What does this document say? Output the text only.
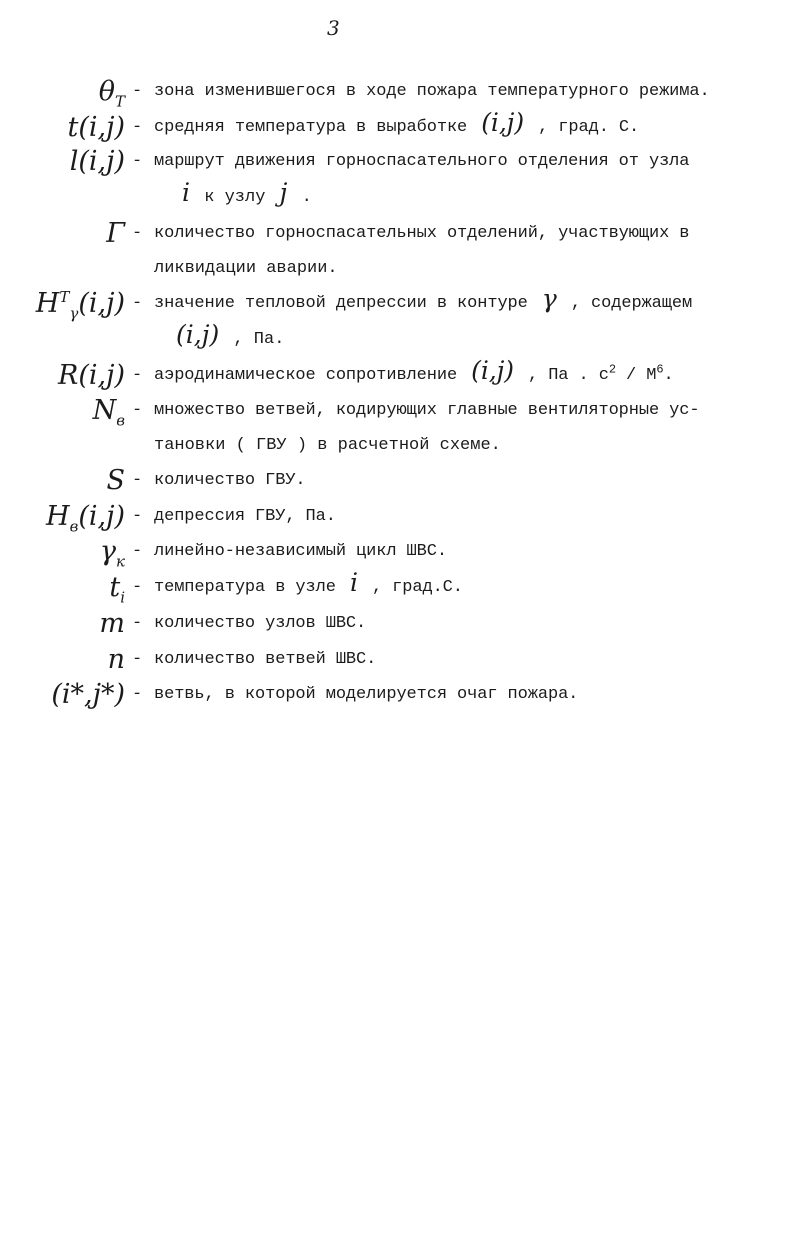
3
$\theta_T$
- зона изменившегося в ходе пожара температурного режима.
t(i,j) - средняя температура в выработке (i,j) , град. С.
l(i,j) - маршрут движения горноспасательного отделения от узла
i к узлу j .
Γ - количество горноспасательных отделений, участвующих в
ликвидации аварии.
$H^T_\gamma(i,j)$ - значение тепловой депрессии в контуре γ , содержащем
(i,j) , Па.
R(i,j) - аэродинамическое сопротивление (i,j) , Па . $с^2 / М^6$.
$N_в$
- множество ветвей, кодирующих главные вентиляторные ус-
тановки ( ГВУ ) в расчетной схеме.
S - количество ГВУ.
$H_в(i,j)$ - депрессия ГВУ, Па.
$\gamma_к$
- линейно-независимый цикл ШВС.
$t_i$
- температура в узле i , град.С.
m - количество узлов ШВС.
n - количество ветвей ШВС.
(i*,j*) - ветвь, в которой моделируется очаг пожара.
